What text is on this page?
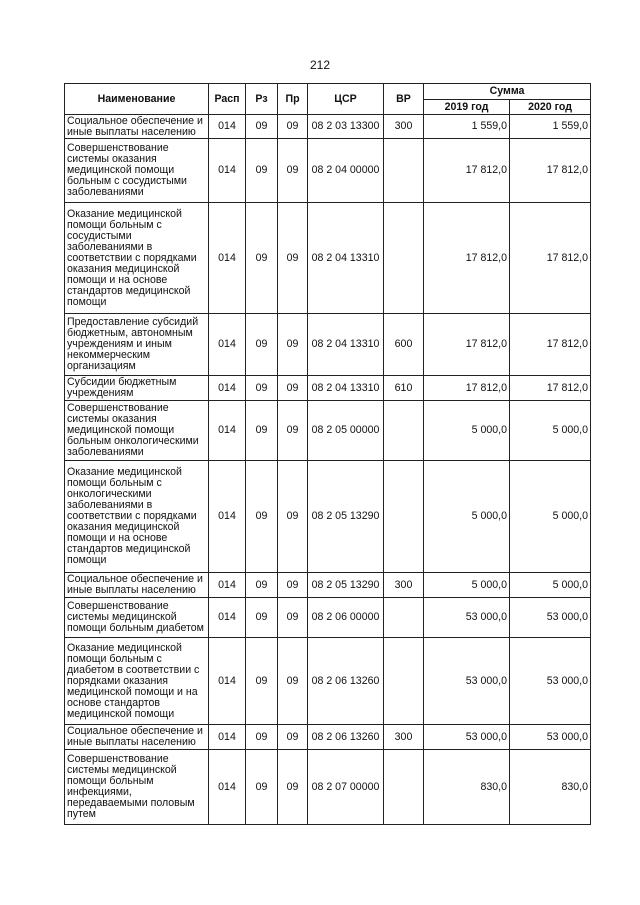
212
Наименование	Расп	Рз	Пр	ЦСР	ВР	Сумма	
						2019 год	2020 год
Социальное обеспечение и иные выплаты населению	014	09	09	08 2 03 13300	300	1 559,0	1 559,0
Совершенствование системы оказания медицинской помощи больным с сосудистыми заболеваниями	014	09	09	08 2 04 00000		17 812,0	17 812,0
Оказание медицинской помощи больным с сосудистыми заболеваниями в соответствии с порядками оказания медицинской помощи и на основе стандартов медицинской помощи	014	09	09	08 2 04 13310		17 812,0	17 812,0
Предоставление субсидий бюджетным, автономным учреждениям и иным некоммерческим организациям	014	09	09	08 2 04 13310	600	17 812,0	17 812,0
Субсидии бюджетным учреждениям	014	09	09	08 2 04 13310	610	17 812,0	17 812,0
Совершенствование системы оказания медицинской помощи больным онкологическими заболеваниями	014	09	09	08 2 05 00000		5 000,0	5 000,0
Оказание медицинской помощи больным с онкологическими заболеваниями в соответствии с порядками оказания медицинской помощи и на основе стандартов медицинской помощи	014	09	09	08 2 05 13290		5 000,0	5 000,0
Социальное обеспечение и иные выплаты населению	014	09	09	08 2 05 13290	300	5 000,0	5 000,0
Совершенствование системы медицинской помощи больным диабетом	014	09	09	08 2 06 00000		53 000,0	53 000,0
Оказание медицинской помощи больным с диабетом в соответствии с порядками оказания медицинской помощи и на основе стандартов медицинской помощи	014	09	09	08 2 06 13260		53 000,0	53 000,0
Социальное обеспечение и иные выплаты населению	014	09	09	08 2 06 13260	300	53 000,0	53 000,0
Совершенствование системы медицинской помощи больным инфекциями, передаваемыми половым путем	014	09	09	08 2 07 00000		830,0	830,0
